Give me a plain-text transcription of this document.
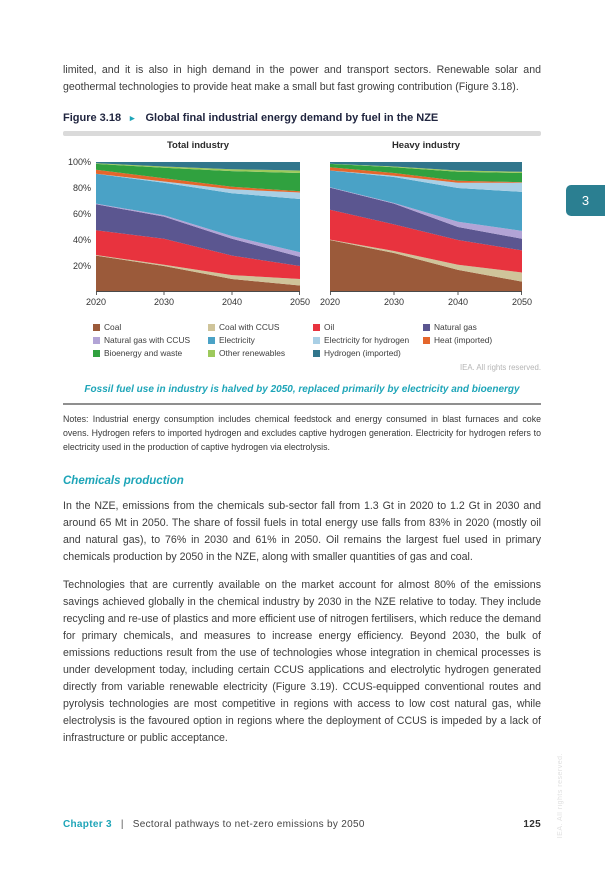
limited, and it is also in high demand in the power and transport sectors. Renewable solar and geothermal technologies to provide heat make a small but fast growing contribution (Figure 3.18).

Figure 3.18 ► Global final industrial energy demand by fuel in the NZE
Total industry	Heavy industry
100%
80%
60%
40%
20%
2020	2030	2040	2050	2020	2030	2040	2050
Coal	Coal with CCUS	Oil	Natural gas
Natural gas with CCUS	Electricity	Electricity for hydrogen	Heat (imported)
Bioenergy and waste	Other renewables	Hydrogen (imported)
IEA. All rights reserved.
Fossil fuel use in industry is halved by 2050, replaced primarily by electricity and bioenergy

Notes: Industrial energy consumption includes chemical feedstock and energy consumed in blast furnaces and coke ovens. Hydrogen refers to imported hydrogen and excludes captive hydrogen generation. Electricity for hydrogen refers to electricity used in the production of captive hydrogen via electrolysis.

Chemicals production

In the NZE, emissions from the chemicals sub-sector fall from 1.3 Gt in 2020 to 1.2 Gt in 2030 and around 65 Mt in 2050. The share of fossil fuels in total energy use falls from 83% in 2020 (mostly oil and natural gas), to 76% in 2030 and 61% in 2050. Oil remains the largest fuel used in primary chemicals production by 2050 in the NZE, along with smaller quantities of gas and coal.

Technologies that are currently available on the market account for almost 80% of the emissions savings achieved globally in the chemical industry by 2030 in the NZE relative to today. They include recycling and re-use of plastics and more efficient use of nitrogen fertilisers, which reduce the demand for primary chemicals, and measures to increase energy efficiency. Beyond 2030, the bulk of emissions reductions result from the use of technologies whose integration in chemical processes is under development today, including certain CCUS applications and electrolytic hydrogen generated directly from variable renewable electricity (Figure 3.19). CCUS-equipped conventional routes and pyrolysis technologies are most competitive in regions with access to low cost natural gas, while electrolysis is the favoured option in regions where the deployment of CCUS is impeded by a lack of infrastructure or public acceptance.

Chapter 3 | Sectoral pathways to net-zero emissions by 2050	125
3
IEA. All rights reserved.
